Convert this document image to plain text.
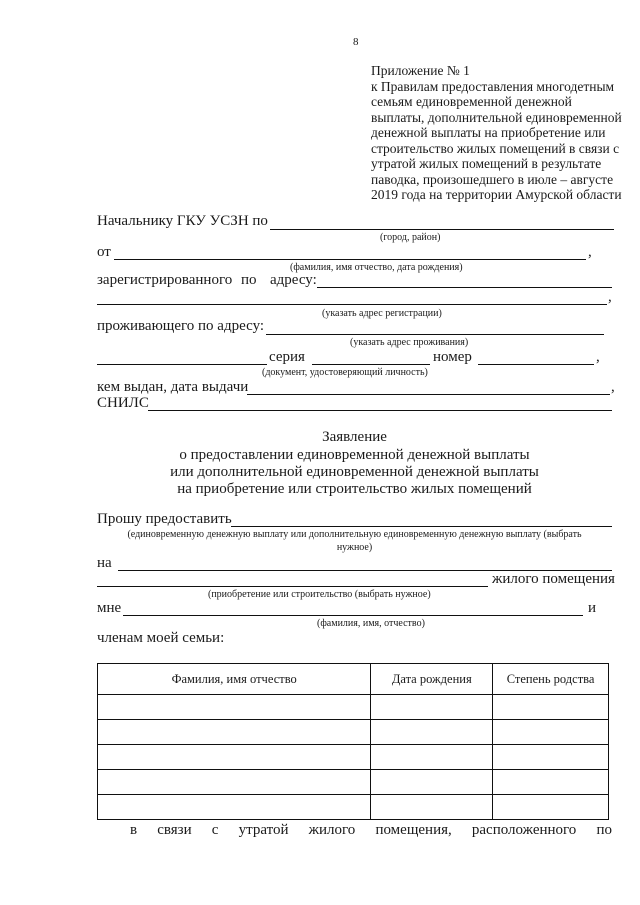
8
Приложение № 1
к Правилам предоставления многодетным
семьям единовременной денежной
выплаты, дополнительной единовременной
денежной выплаты на приобретение или
строительство жилых помещений в связи с
утратой жилых помещений в результате
паводка, произошедшего в июле – августе
2019 года на территории Амурской области
Начальнику ГКУ УСЗН по
(город, район)
от	,
(фамилия, имя отчество, дата рождения)
зарегистрированного по адресу:
,
(указать адрес регистрации)
проживающего по адресу:
(указать адрес проживания)
серия	номер	,
(документ, удостоверяющий личность)
кем выдан, дата выдачи	,
СНИЛС
Заявление
о предоставлении единовременной денежной выплаты
или дополнительной единовременной денежной выплаты
на приобретение или строительство жилых помещений
Прошу предоставить
(единовременную денежную выплату или дополнительную единовременную денежную выплату (выбрать
нужное)
на
жилого помещения
(приобретение или строительство (выбрать нужное)
мне	и
(фамилия, имя, отчество)
членам моей семьи:
Фамилия, имя отчество	Дата рождения	Степень родства

в связи с утратой жилого помещения, расположенного по
